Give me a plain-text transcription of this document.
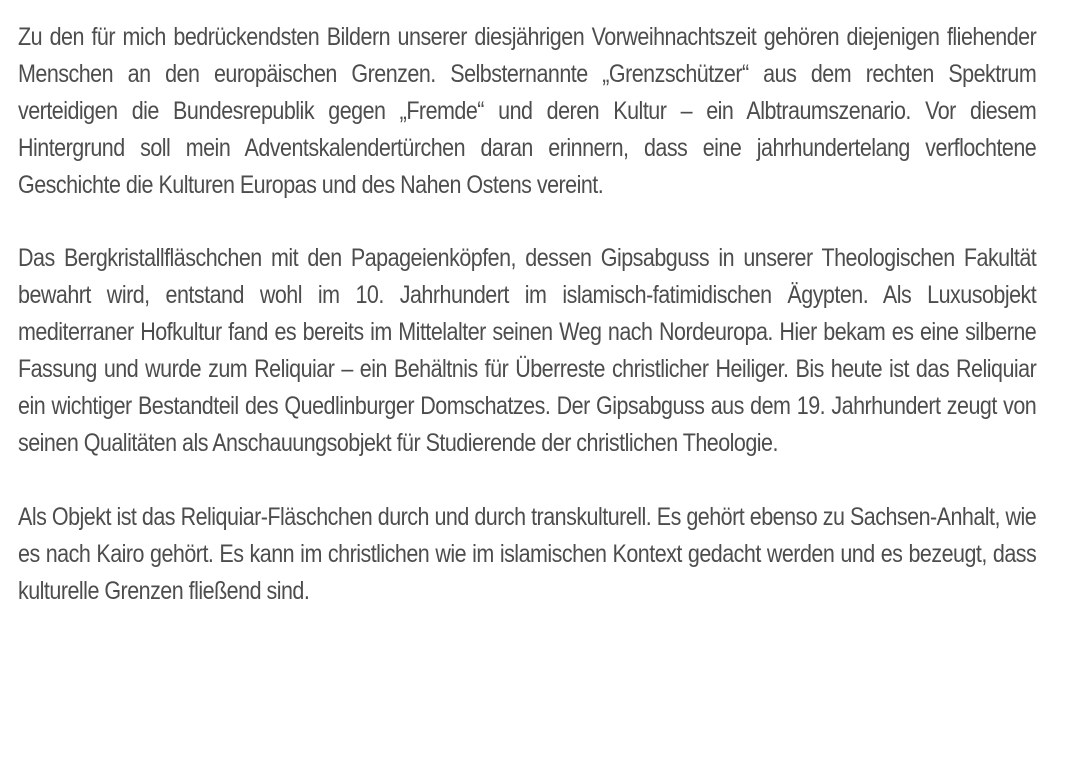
Zu den für mich bedrückendsten Bildern unserer diesjährigen Vorweihnachtszeit gehören diejenigen fliehender Menschen an den europäischen Grenzen. Selbsternannte „Grenzschützer“ aus dem rechten Spektrum verteidigen die Bundesrepublik gegen „Fremde“ und deren Kultur – ein Albtraumszenario. Vor diesem Hintergrund soll mein Adventskalendertürchen daran erinnern, dass eine jahrhundertelang verflochtene Geschichte die Kulturen Europas und des Nahen Ostens vereint.

Das Bergkristallfläschchen mit den Papageienköpfen, dessen Gipsabguss in unserer Theologischen Fakultät bewahrt wird, entstand wohl im 10. Jahrhundert im islamisch-fatimidischen Ägypten. Als Luxusobjekt mediterraner Hofkultur fand es bereits im Mittelalter seinen Weg nach Nordeuropa. Hier bekam es eine silberne Fassung und wurde zum Reliquiar – ein Behältnis für Überreste christlicher Heiliger. Bis heute ist das Reliquiar ein wichtiger Bestandteil des Quedlinburger Domschatzes. Der Gipsabguss aus dem 19. Jahrhundert zeugt von seinen Qualitäten als Anschauungsobjekt für Studierende der christlichen Theologie.

Als Objekt ist das Reliquiar-Fläschchen durch und durch transkulturell. Es gehört ebenso zu Sachsen-Anhalt, wie es nach Kairo gehört. Es kann im christlichen wie im islamischen Kontext gedacht werden und es bezeugt, dass kulturelle Grenzen fließend sind.
